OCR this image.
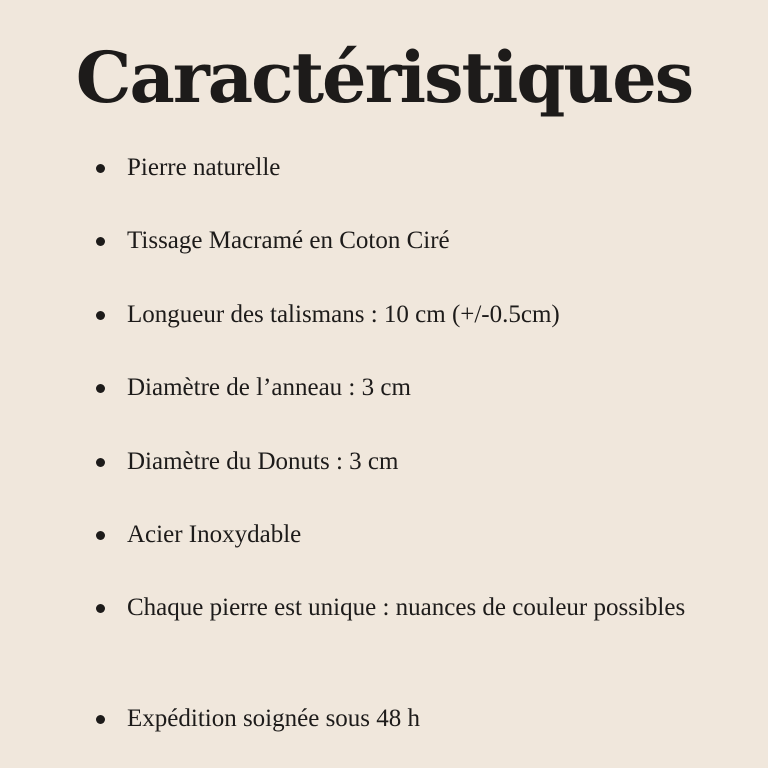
Caractéristiques
Pierre naturelle
Tissage Macramé en Coton Ciré
Longueur des talismans : 10 cm (+/-0.5cm)
Diamètre de l’anneau : 3 cm
Diamètre du Donuts : 3 cm
Acier Inoxydable
Chaque pierre est unique : nuances de couleur possibles
Expédition soignée sous 48 h
